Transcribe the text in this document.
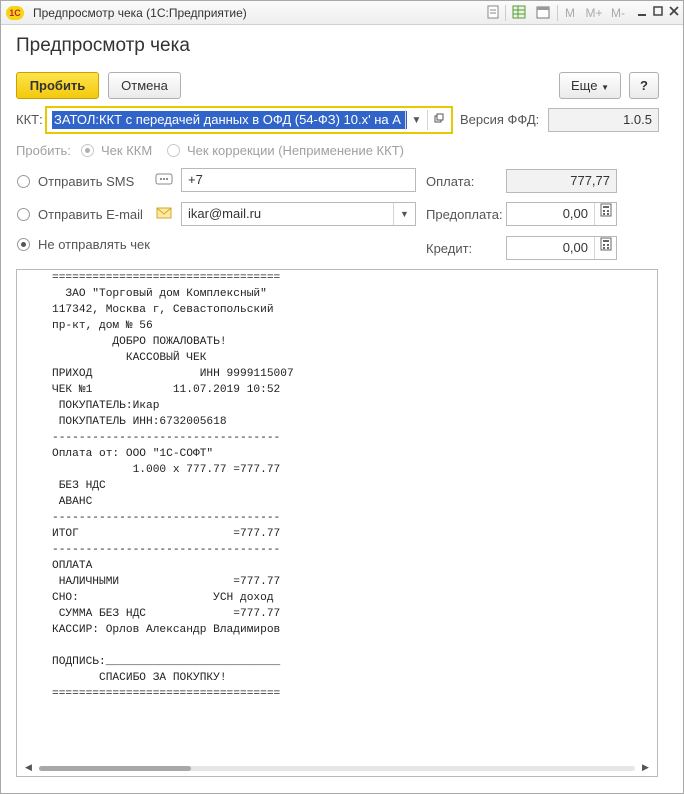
1С Предпросмотр чека (1С:Предприятие)	M M+ M-
Предпросмотр чека
Пробить	Отмена	Еще ▼	?
ККТ: ЗАТОЛ:ККТ с передачей данных в ОФД (54-ФЗ) 10.x' на А	▼	Версия ФФД:	1.0.5
Пробить: Чек ККМ	Чек коррекции (Неприменение ККТ)
Отправить SMS	+7	Оплата:	777,77
Отправить E-mail	ikar@mail.ru	▼	Предоплата:	0,00
Не отправлять чек	Кредит:	0,00
==================================
ЗАО "Торговый дом Комплексный"
117342, Москва г, Севастопольский
пр-кт, дом № 56
ДОБРО ПОЖАЛОВАТЬ!
КАССОВЫЙ ЧЕК
ПРИХОД                ИНН 9999115007
ЧЕК №1            11.07.2019 10:52
ПОКУПАТЕЛЬ:Икар
ПОКУПАТЕЛЬ ИНН:6732005618
----------------------------------
Оплата от: ООО "1С-СОФТ"
1.000 x 777.77 =777.77
БЕЗ НДС
АВАНС
----------------------------------
ИТОГ                       =777.77
----------------------------------
ОПЛАТА
НАЛИЧНЫМИ                 =777.77
СНО:                    УСН доход
СУММА БЕЗ НДС             =777.77
КАССИР: Орлов Александр Владимиров

ПОДПИСЬ:__________________________
СПАСИБО ЗА ПОКУПКУ!
==================================

◀	▶
